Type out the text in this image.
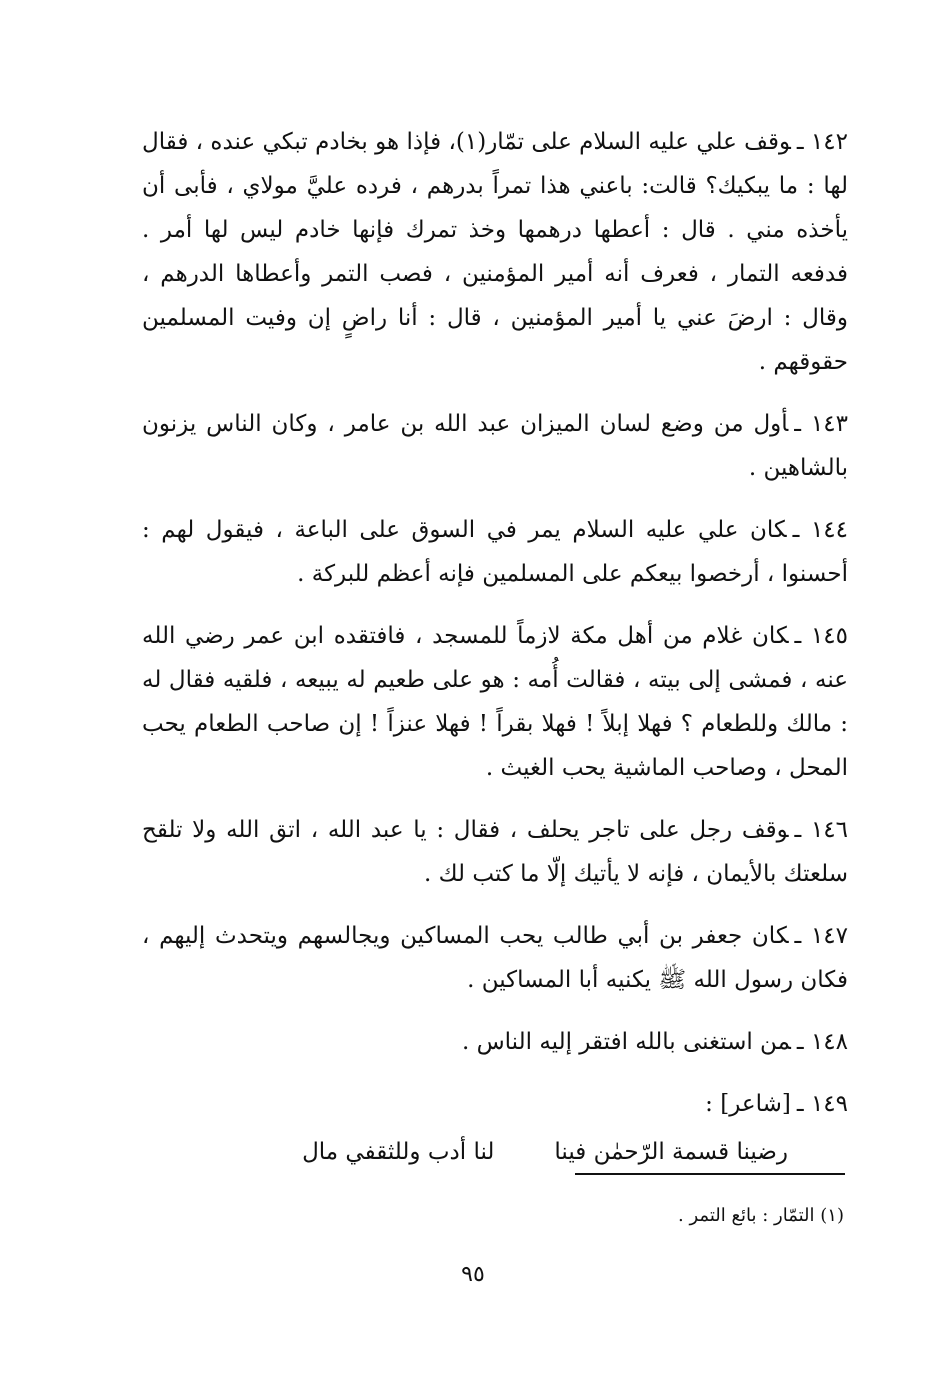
١٤٢ ـوقف علي عليه السلام على تمّار(١)، فإذا هو بخادم تبكي عنده ، فقال لها : ما يبكيك؟ قالت: باعني هذا تمراً بدرهم ، فرده عليَّ مولاي ، فأبى أن يأخذه مني . قال : أعطها درهمها وخذ تمرك فإنها خادم ليس لها أمر . فدفعه التمار ، فعرف أنه أمير المؤمنين ، فصب التمر وأعطاها الدرهم ، وقال : ارضَ عني يا أمير المؤمنين ، قال : أنا راضٍ إن وفيت المسلمين حقوقهم .

١٤٣ ـأول من وضع لسان الميزان عبد الله بن عامر ، وكان الناس يزنون بالشاهين .

١٤٤ ـكان علي عليه السلام يمر في السوق على الباعة ، فيقول لهم : أحسنوا ، أرخصوا بيعكم على المسلمين فإنه أعظم للبركة .

١٤٥ ـكان غلام من أهل مكة لازماً للمسجد ، فافتقده ابن عمر رضي الله عنه ، فمشى إلى بيته ، فقالت أُمه : هو على طعيم له يبيعه ، فلقيه فقال له : مالك وللطعام ؟ فهلا إبلاً ! فهلا بقراً ! فهلا عنزاً ! إن صاحب الطعام يحب المحل ، وصاحب الماشية يحب الغيث .

١٤٦ ـوقف رجل على تاجر يحلف ، فقال : يا عبد الله ، اتق الله ولا تلقح سلعتك بالأيمان ، فإنه لا يأتيك إلّا ما كتب لك .

١٤٧ ـكان جعفر بن أبي طالب يحب المساكين ويجالسهم ويتحدث إليهم ، فكان رسول الله ﷺ يكنيه أبا المساكين .

١٤٨ ـمن استغنى بالله افتقر إليه الناس .

١٤٩ ـ[شاعر] :

رضينا قسمة الرّحمٰن فينا
لنا أدب وللثقفي مال
(١) التمّار : بائع التمر .
٩٥
